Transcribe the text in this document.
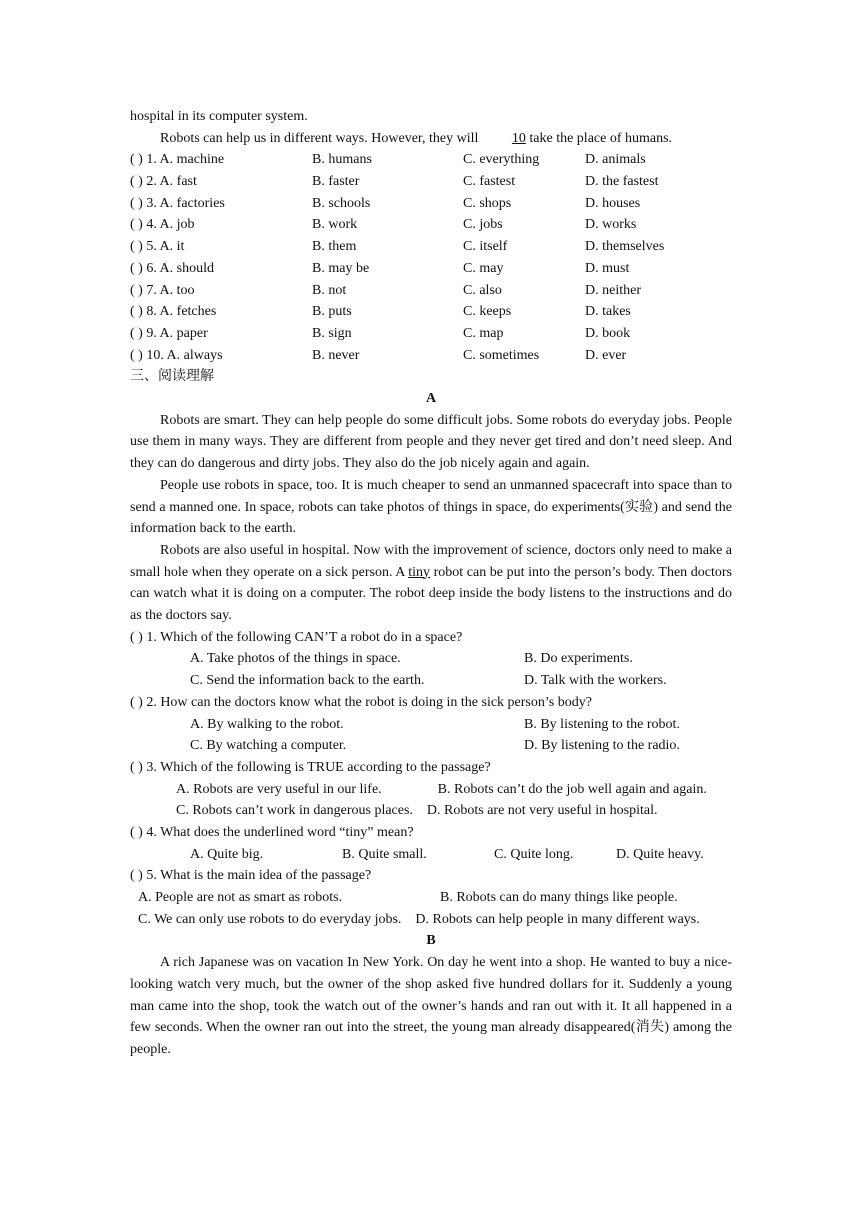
hospital in its computer system.
Robots can help us in different ways. However, they will 10 take the place of humans.
( ) 1. A. machine	B. humans	C. everything	D. animals
( ) 2. A. fast	B. faster	C. fastest	D. the fastest
( ) 3. A. factories	B. schools	C. shops	D. houses
( ) 4. A. job	B. work	C. jobs	D. works
( ) 5. A. it	B. them	C. itself	D. themselves
( ) 6. A. should	B. may be	C. may	D. must
( ) 7. A. too	B. not	C. also	D. neither
( ) 8. A. fetches	B. puts	C. keeps	D. takes
( ) 9. A. paper	B. sign	C. map	D. book
( ) 10. A. always	B. never	C. sometimes	D. ever
三、阅读理解
A
Robots are smart. They can help people do some difficult jobs. Some robots do everyday jobs. People use them in many ways. They are different from people and they never get tired and don’t need sleep. And they can do dangerous and dirty jobs. They also do the job nicely again and again.
People use robots in space, too. It is much cheaper to send an unmanned spacecraft into space than to send a manned one. In space, robots can take photos of things in space, do experiments(实验) and send the information back to the earth.
Robots are also useful in hospital. Now with the improvement of science, doctors only need to make a small hole when they operate on a sick person. A tiny robot can be put into the person’s body. Then doctors can watch what it is doing on a computer. The robot deep inside the body listens to the instructions and do as the doctors say.
( ) 1. Which of the following CAN’T a robot do in a space?
A. Take photos of the things in space.	B. Do experiments.
C. Send the information back to the earth.	D. Talk with the workers.
( ) 2. How can the doctors know what the robot is doing in the sick person’s body?
A. By walking to the robot.	B. By listening to the robot.
C. By watching a computer.	D. By listening to the radio.
( ) 3. Which of the following is TRUE according to the passage?
A. Robots are very useful in our life.                B. Robots can’t do the job well again and again.
C. Robots can’t work in dangerous places.    D. Robots are not very useful in hospital.
( ) 4. What does the underlined word “tiny” mean?
A. Quite big.	B. Quite small.	C. Quite long.	D. Quite heavy.
( ) 5. What is the main idea of the passage?
A. People are not as smart as robots.	B. Robots can do many things like people.
C. We can only use robots to do everyday jobs.    D. Robots can help people in many different ways.
B
A rich Japanese was on vacation In New York. On day he went into a shop. He wanted to buy a nice-looking watch very much, but the owner of the shop asked five hundred dollars for it. Suddenly a young man came into the shop, took the watch out of the owner’s hands and ran out with it. It all happened in a few seconds. When the owner ran out into the street, the young man already disappeared(消失) among the people.
